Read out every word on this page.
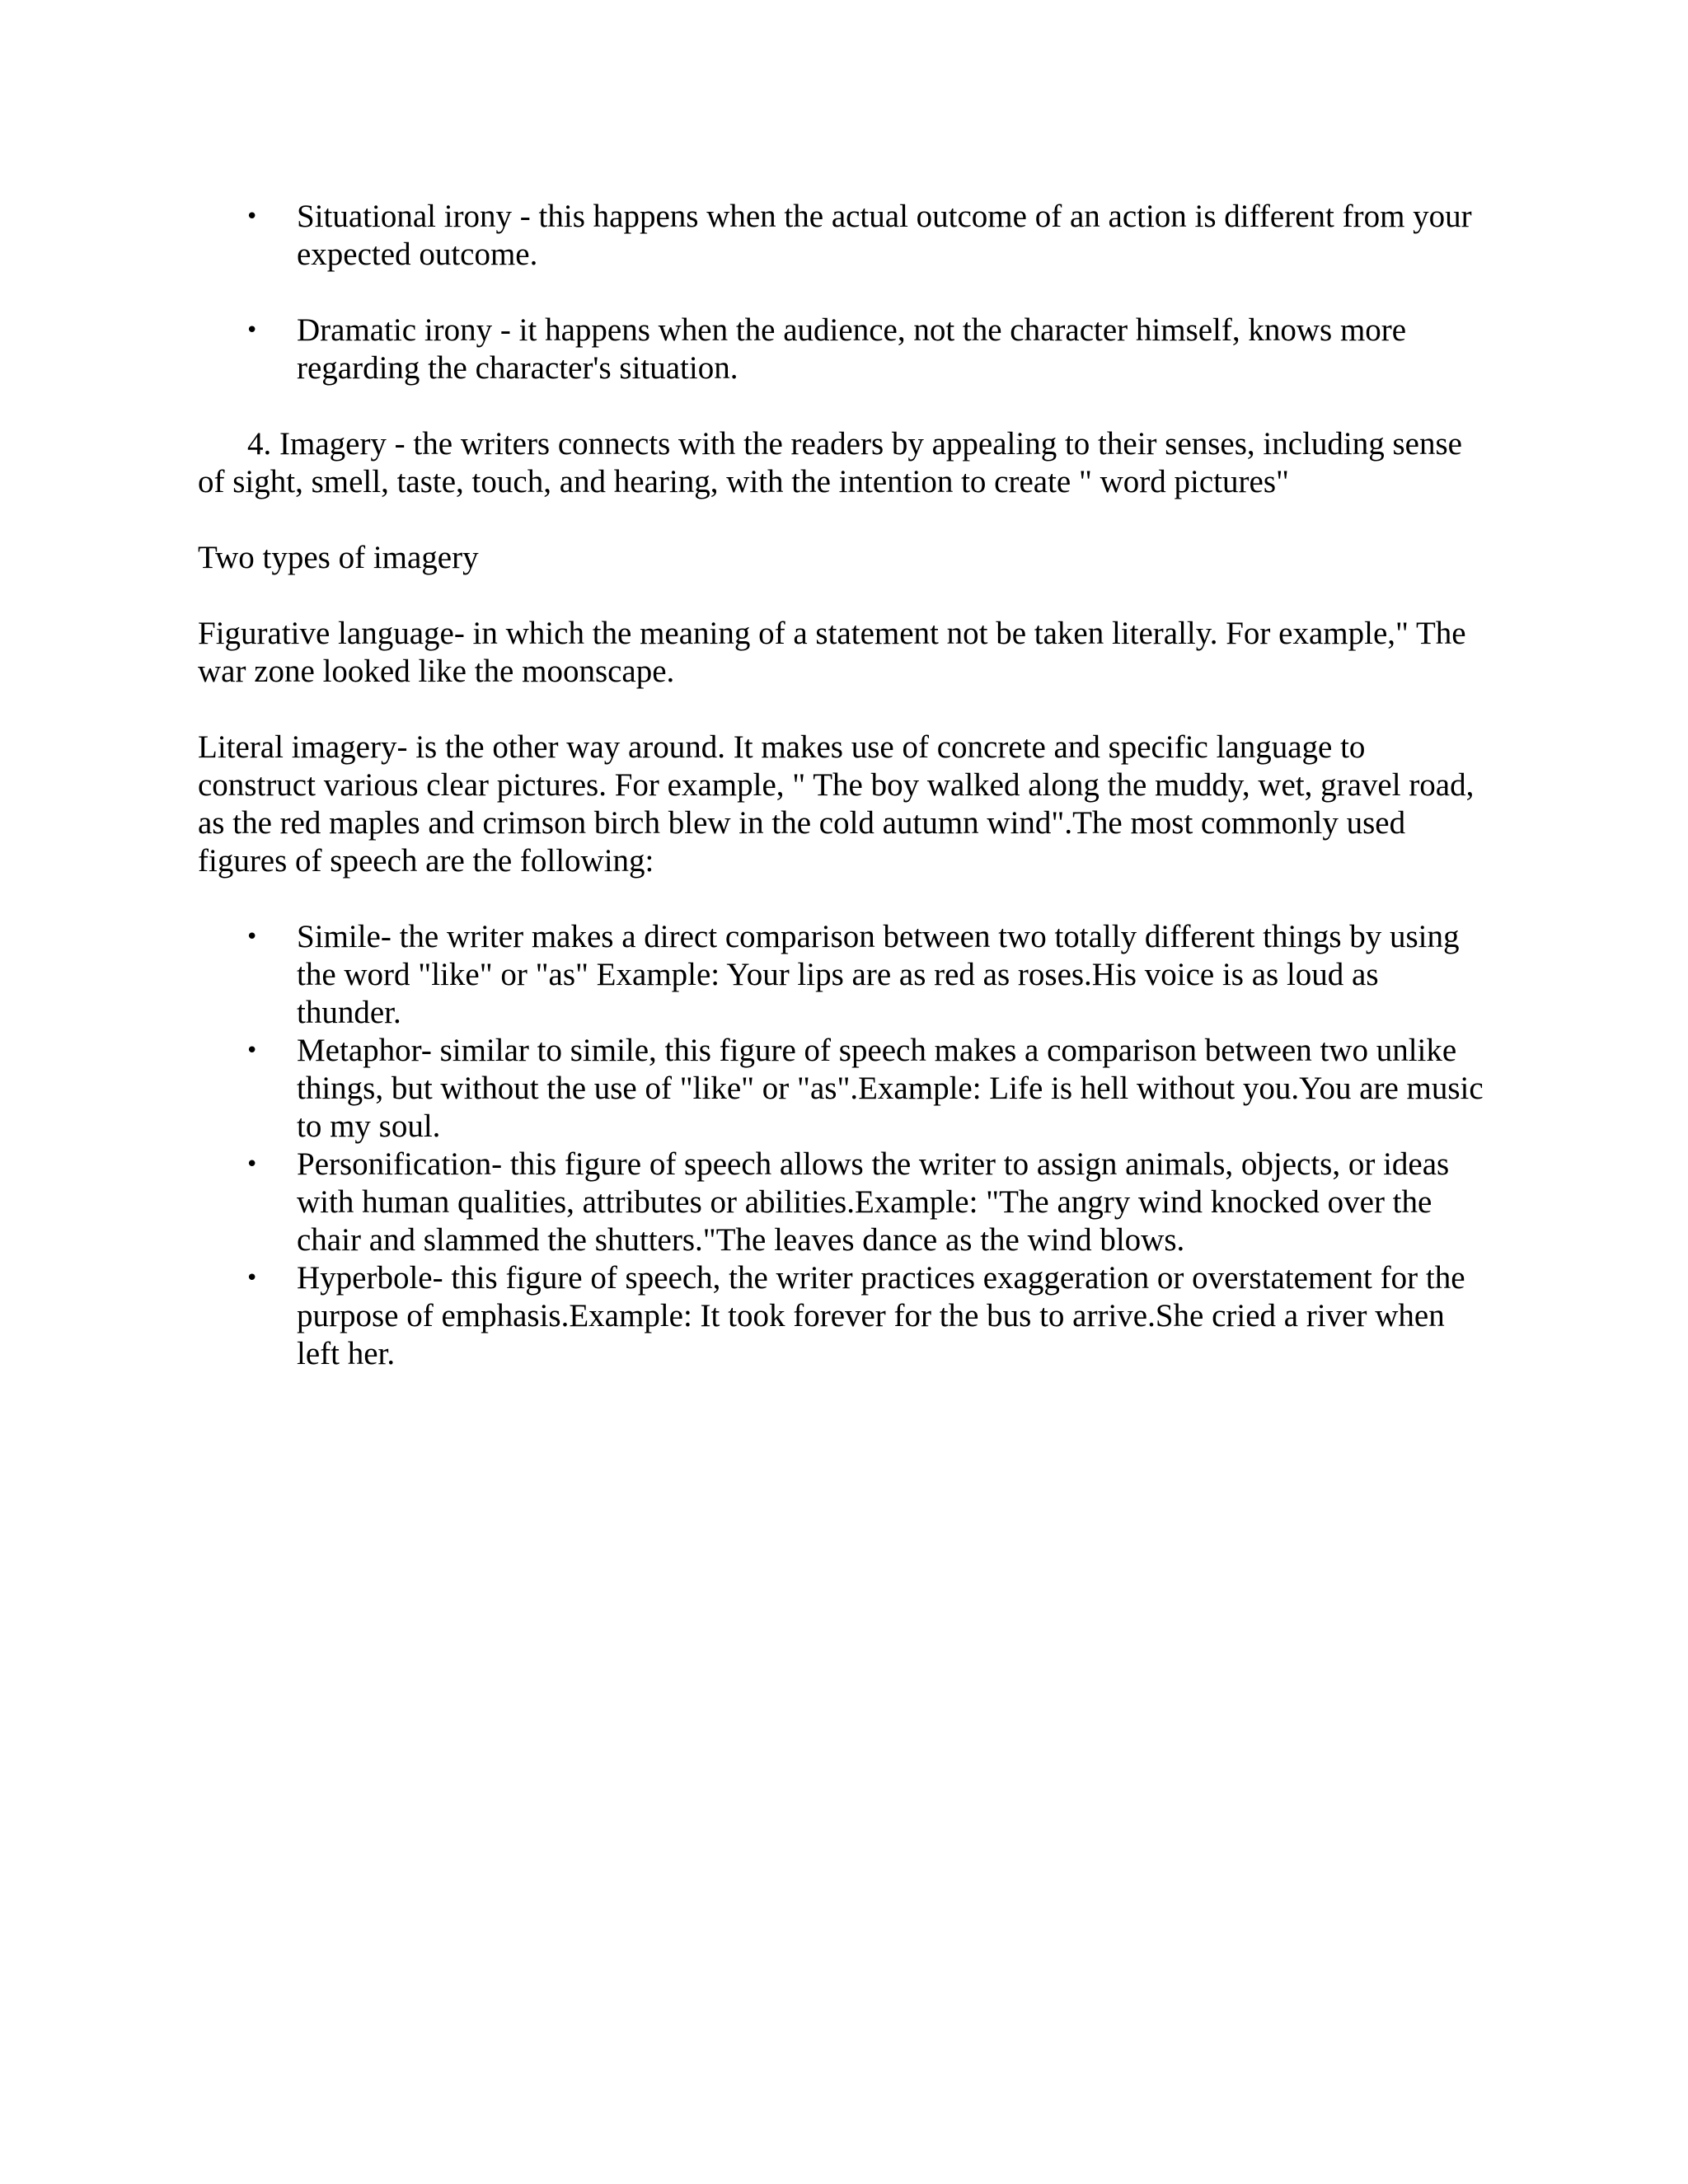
• Situational irony - this happens when the actual outcome of an action is different from your expected outcome.
• Dramatic irony - it happens when the audience, not the character himself, knows more regarding the character's situation.

4. Imagery - the writers connects with the readers by appealing to their senses, including sense of sight, smell, taste, touch, and hearing, with the intention to create " word pictures"

Two types of imagery

Figurative language- in which the meaning of a statement not be taken literally. For example," The war zone looked like the moonscape.

Literal imagery- is the other way around. It makes use of concrete and specific language to construct various clear pictures. For example, " The boy walked along the muddy, wet, gravel road, as the red maples and crimson birch blew in the cold autumn wind".The most commonly used figures of speech are the following:

• Simile- the writer makes a direct comparison between two totally different things by using the word "like" or "as" Example: Your lips are as red as roses.His voice is as loud as thunder.
• Metaphor- similar to simile, this figure of speech makes a comparison between two unlike things, but without the use of "like" or "as".Example: Life is hell without you.You are music to my soul.
• Personification- this figure of speech allows the writer to assign animals, objects, or ideas with human qualities, attributes or abilities.Example: "The angry wind knocked over the chair and slammed the shutters."The leaves dance as the wind blows.
• Hyperbole- this figure of speech, the writer practices exaggeration or overstatement for the purpose of emphasis.Example: It took forever for the bus to arrive.She cried a river when left her.
